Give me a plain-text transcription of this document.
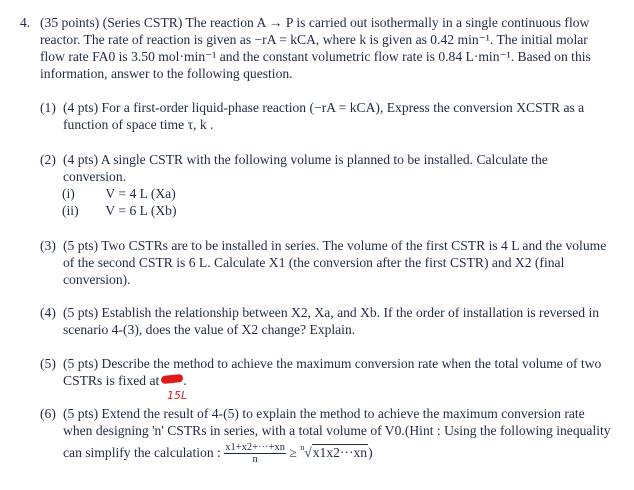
4. (35 points) (Series CSTR) The reaction A → P is carried out isothermally in a single continuous flow
reactor. The rate of reaction is given as −rA = kCA, where k is given as 0.42 min⁻¹. The initial molar
flow rate FA0 is 3.50 mol·min⁻¹ and the constant volumetric flow rate is 0.84 L·min⁻¹. Based on this
information, answer to the following question.
(1) (4 pts) For a first-order liquid-phase reaction (−rA = kCA), Express the conversion XCSTR as a
function of space time τ, k .
(2) (4 pts) A single CSTR with the following volume is planned to be installed. Calculate the
conversion.
(i) V = 4 L (Xa)
(ii) V = 6 L (Xb)
(3) (5 pts) Two CSTRs are to be installed in series. The volume of the first CSTR is 4 L and the volume
of the second CSTR is 6 L. Calculate X1 (the conversion after the first CSTR) and X2 (final
conversion).
(4) (5 pts) Establish the relationship between X2, Xa, and Xb. If the order of installation is reversed in
scenario 4-(3), does the value of X2 change? Explain.
(5) (5 pts) Describe the method to achieve the maximum conversion rate when the total volume of two
CSTRs is fixed at .
15L
(6) (5 pts) Extend the result of 4-(5) to explain the method to achieve the maximum conversion rate
when designing 'n' CSTRs in series, with a total volume of V0.(Hint : Using the following inequality
can simplify the calculation : $\frac{x1+x2+\cdot\cdot\cdot+xn}{n} \ge ^n√x1x2\cdot\cdot\cdot xn$)
